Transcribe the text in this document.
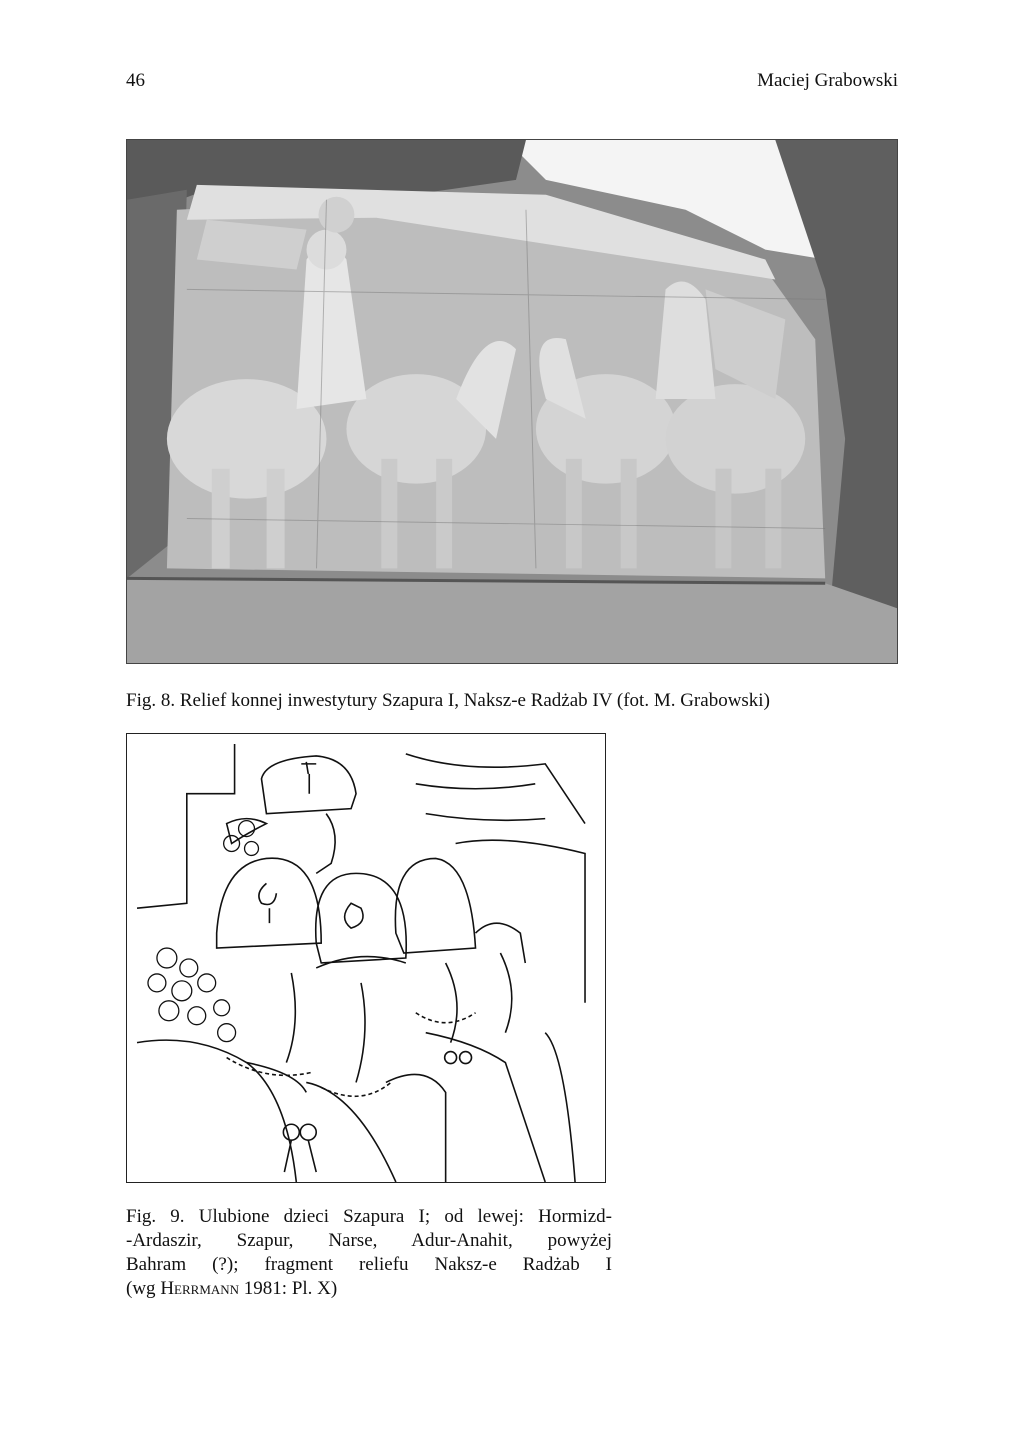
46	Maciej Grabowski
Fig. 8. Relief konnej inwestytury Szapura I, Naksz-e Radżab IV (fot. M. Grabowski)
Fig. 9. Ulubione dzieci Szapura I; od lewej: Hormizd-
-Ardaszir, Szapur, Narse, Adur-Anahit, powyżej
Bahram (?); fragment reliefu Naksz-e Radżab I
(wg Herrmann 1981: Pl. X)
